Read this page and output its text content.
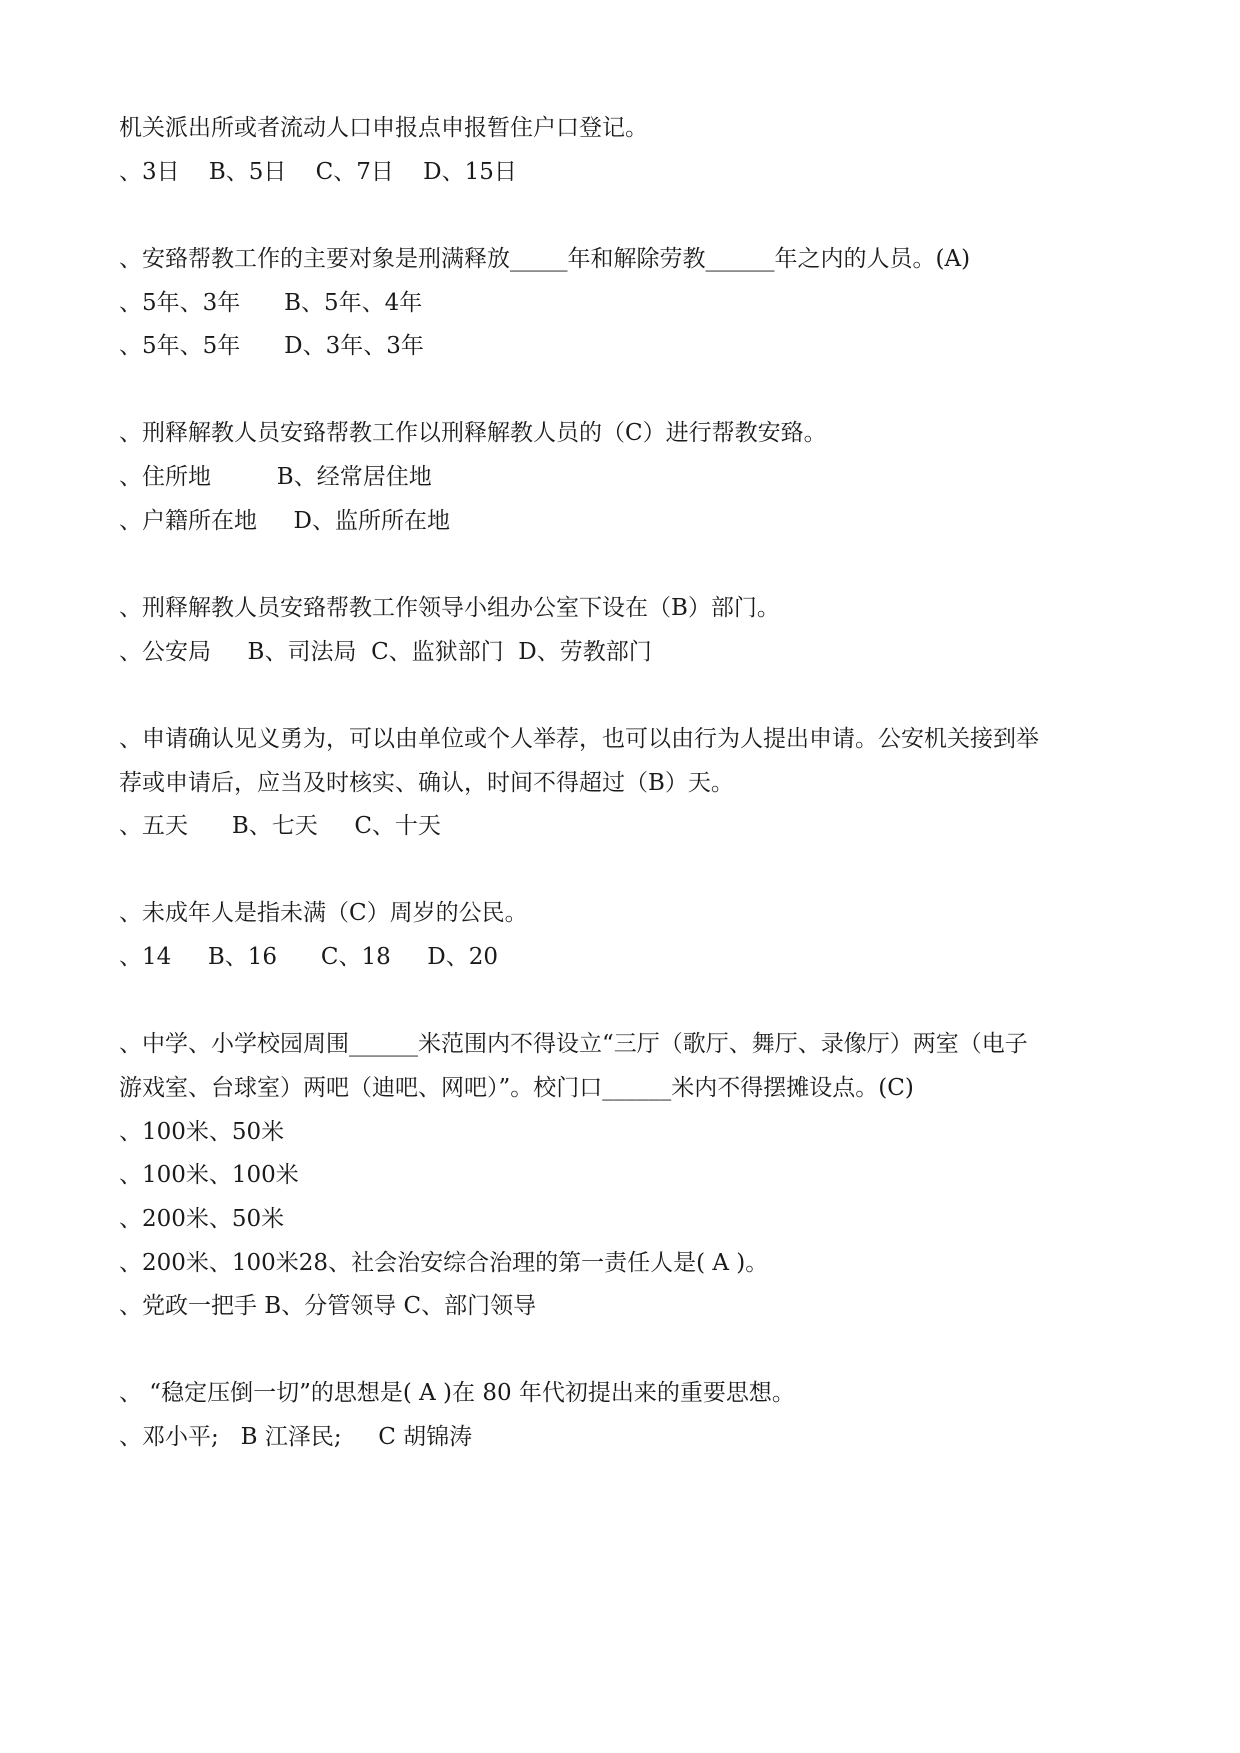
机关派出所或者流动人口申报点申报暂住户口登记。
、3日    B、5日    C、7日    D、15日
、安臵帮教工作的主要对象是刑满释放_____年和解除劳教______年之内的人员。(A)
、5年、3年      B、5年、4年
、5年、5年      D、3年、3年
、刑释解教人员安臵帮教工作以刑释解教人员的（C）进行帮教安臵。
、住所地         B、经常居住地
、户籍所在地     D、监所所在地
、刑释解教人员安臵帮教工作领导小组办公室下设在（B）部门。
、公安局     B、司法局  C、监狱部门  D、劳教部门
、申请确认见义勇为，可以由单位或个人举荐，也可以由行为人提出申请。公安机关接到举
荐或申请后，应当及时核实、确认，时间不得超过（B）天。
、五天      B、七天     C、十天
、未成年人是指未满（C）周岁的公民。
、14     B、16      C、18     D、20
、中学、小学校园周围______米范围内不得设立“三厅（歌厅、舞厅、录像厅）两室（电子
游戏室、台球室）两吧（迪吧、网吧）”。校门口______米内不得摆摊设点。(C)
、100米、50米
、100米、100米
、200米、50米
、200米、100米28、社会治安综合治理的第一责任人是( A )。
、党政一把手 B、分管领导 C、部门领导
、 “稳定压倒一切”的思想是( A )在 80 年代初提出来的重要思想。
、邓小平;   B 江泽民;     C 胡锦涛
